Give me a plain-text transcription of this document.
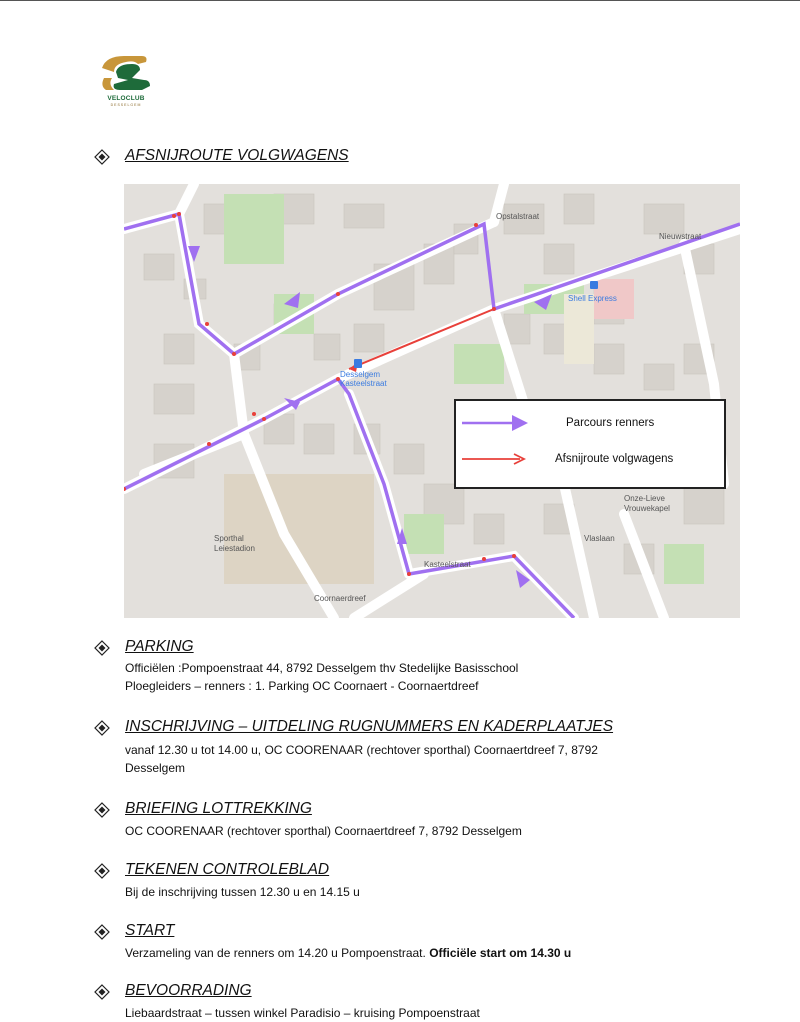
VELOCLUB
DESSELGEM
AFSNIJROUTE VOLGWAGENS
Opstalstraat
Nieuwstraat
Shell Express
Desselgem Kasteelstraat
Kasteelstraat
Sporthal Leiestadion
Onze-Lieve Vrouwekapel
Vlaslaan
Coornaerdreef
Parcours renners
Afsnijroute volgwagens
PARKING
Officiëlen :Pompoenstraat 44, 8792 Desselgem thv Stedelijke Basisschool
Ploegleiders – renners : 1. Parking OC Coornaert - Coornaertdreef
INSCHRIJVING – UITDELING RUGNUMMERS EN KADERPLAATJES
vanaf 12.30 u tot 14.00 u, OC COORENAAR (rechtover sporthal) Coornaertdreef 7, 8792
Desselgem
BRIEFING LOTTREKKING
OC COORENAAR (rechtover sporthal) Coornaertdreef 7, 8792 Desselgem
TEKENEN CONTROLEBLAD
Bij de inschrijving tussen 12.30 u en 14.15 u
START
Verzameling van de renners om 14.20 u Pompoenstraat. Officiële start om 14.30 u
BEVOORRADING
Liebaardstraat – tussen winkel Paradisio – kruising Pompoenstraat
